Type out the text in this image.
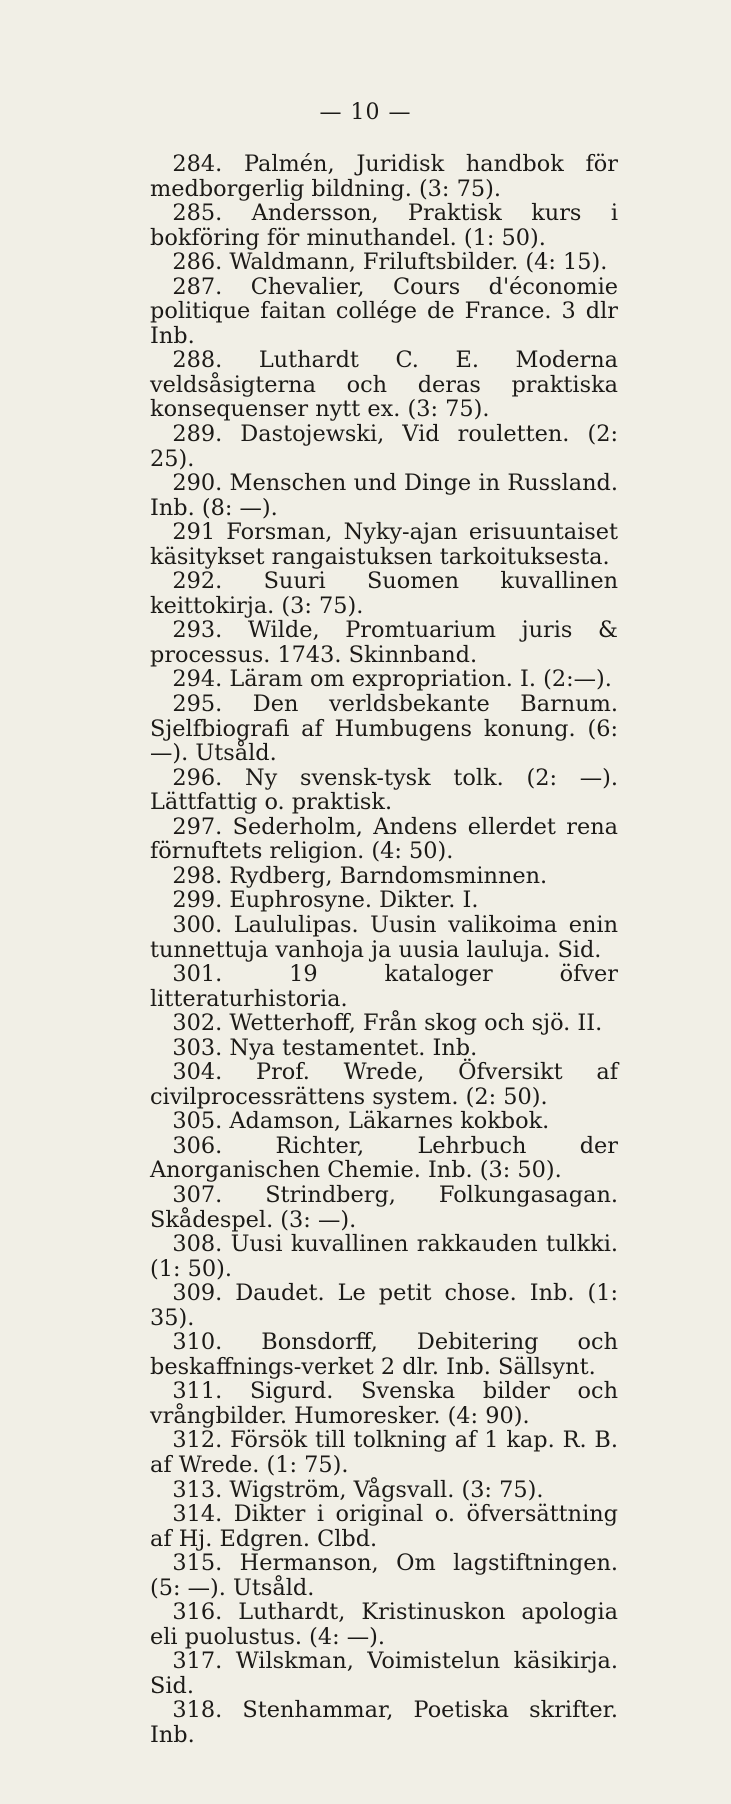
— 10 —

284. Palmén, Juridisk handbok för medborgerlig bildning. (3: 75).

285. Andersson, Praktisk kurs i bokföring för minuthandel. (1: 50).

286. Waldmann, Friluftsbilder. (4: 15).

287. Chevalier, Cours d'économie politique faitan collége de France. 3 dlr Inb.

288. Luthardt C. E. Moderna veldsåsigterna och deras praktiska konsequenser nytt ex. (3: 75).

289. Dastojewski, Vid rouletten. (2: 25).

290. Menschen und Dinge in Russland. Inb. (8: —).

291 Forsman, Nyky-ajan erisuuntaiset käsitykset rangaistuksen tarkoituksesta.

292. Suuri Suomen kuvallinen keittokirja. (3: 75).

293. Wilde, Promtuarium juris & processus. 1743. Skinnband.

294. Läram om expropriation. I. (2:—).

295. Den verldsbekante Barnum. Sjelfbiografi af Humbugens konung. (6: —). Utsåld.

296. Ny svensk-tysk tolk. (2: —). Lättfattig o. praktisk.

297. Sederholm, Andens ellerdet rena förnuftets religion. (4: 50).

298. Rydberg, Barndomsminnen.

299. Euphrosyne. Dikter. I.

300. Laululipas. Uusin valikoima enin tunnettuja vanhoja ja uusia lauluja. Sid.

301. 19 kataloger öfver litteraturhistoria.

302. Wetterhoff, Från skog och sjö. II.

303. Nya testamentet. Inb.

304. Prof. Wrede, Öfversikt af civilprocessrättens system. (2: 50).

305. Adamson, Läkarnes kokbok.

306. Richter, Lehrbuch der Anorganischen Chemie. Inb. (3: 50).

307. Strindberg, Folkungasagan. Skådespel. (3: —).

308. Uusi kuvallinen rakkauden tulkki. (1: 50).

309. Daudet. Le petit chose. Inb. (1: 35).

310. Bonsdorff, Debitering och beskaffnings-verket 2 dlr. Inb. Sällsynt.

311. Sigurd. Svenska bilder och vrångbilder. Humoresker. (4: 90).

312. Försök till tolkning af 1 kap. R. B. af Wrede. (1: 75).

313. Wigström, Vågsvall. (3: 75).

314. Dikter i original o. öfversättning af Hj. Edgren. Clbd.

315. Hermanson, Om lagstiftningen. (5: —). Utsåld.

316. Luthardt, Kristinuskon apologia eli puolustus. (4: —).

317. Wilskman, Voimistelun käsikirja. Sid.

318. Stenhammar, Poetiska skrifter. Inb.
